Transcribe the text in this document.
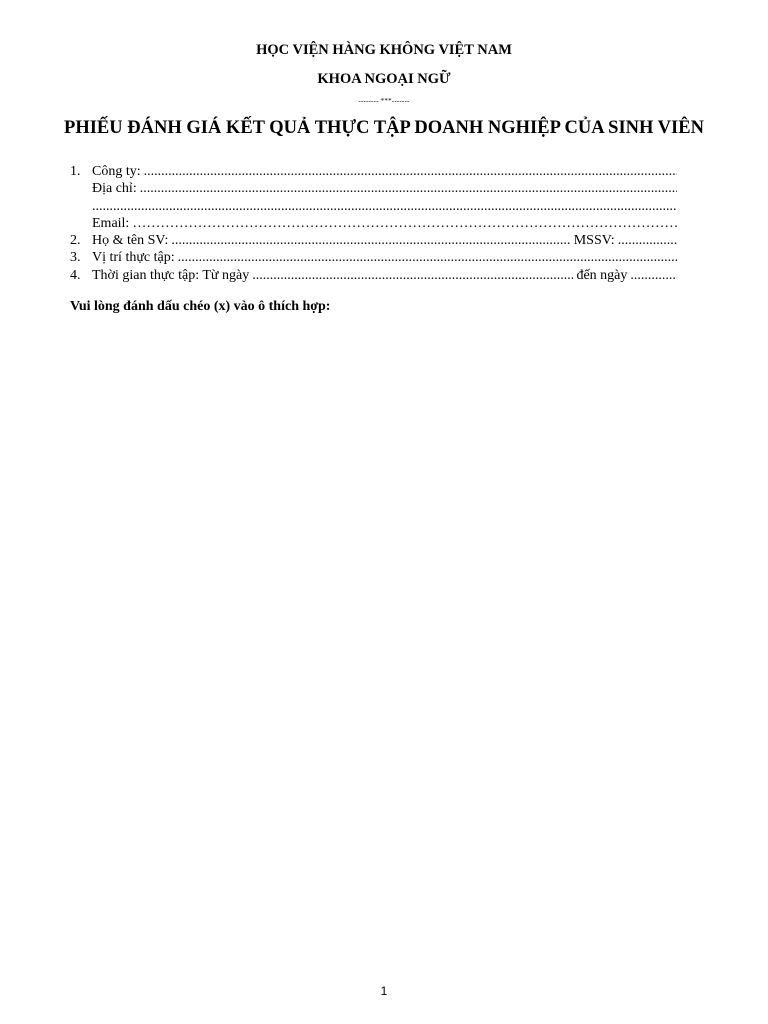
HỌC VIỆN HÀNG KHÔNG VIỆT NAM
KHOA NGOẠI NGỮ
-------- ***-------
PHIẾU ĐÁNH GIÁ KẾT QUẢ THỰC TẬP DOANH NGHIỆP CỦA SINH VIÊN
1. Công ty:
.....
Địa chỉ:
.....
.....
Email:
……………………………………………………………………………………………………………………………………………………………
2. Họ & tên SV: .....	MSSV:
.....
3. Vị trí thực tập:
.....
4. Thời gian thực tập: Từ ngày .....	đến ngày
.....
Vui lòng đánh dấu chéo (x) vào ô thích hợp:
1
